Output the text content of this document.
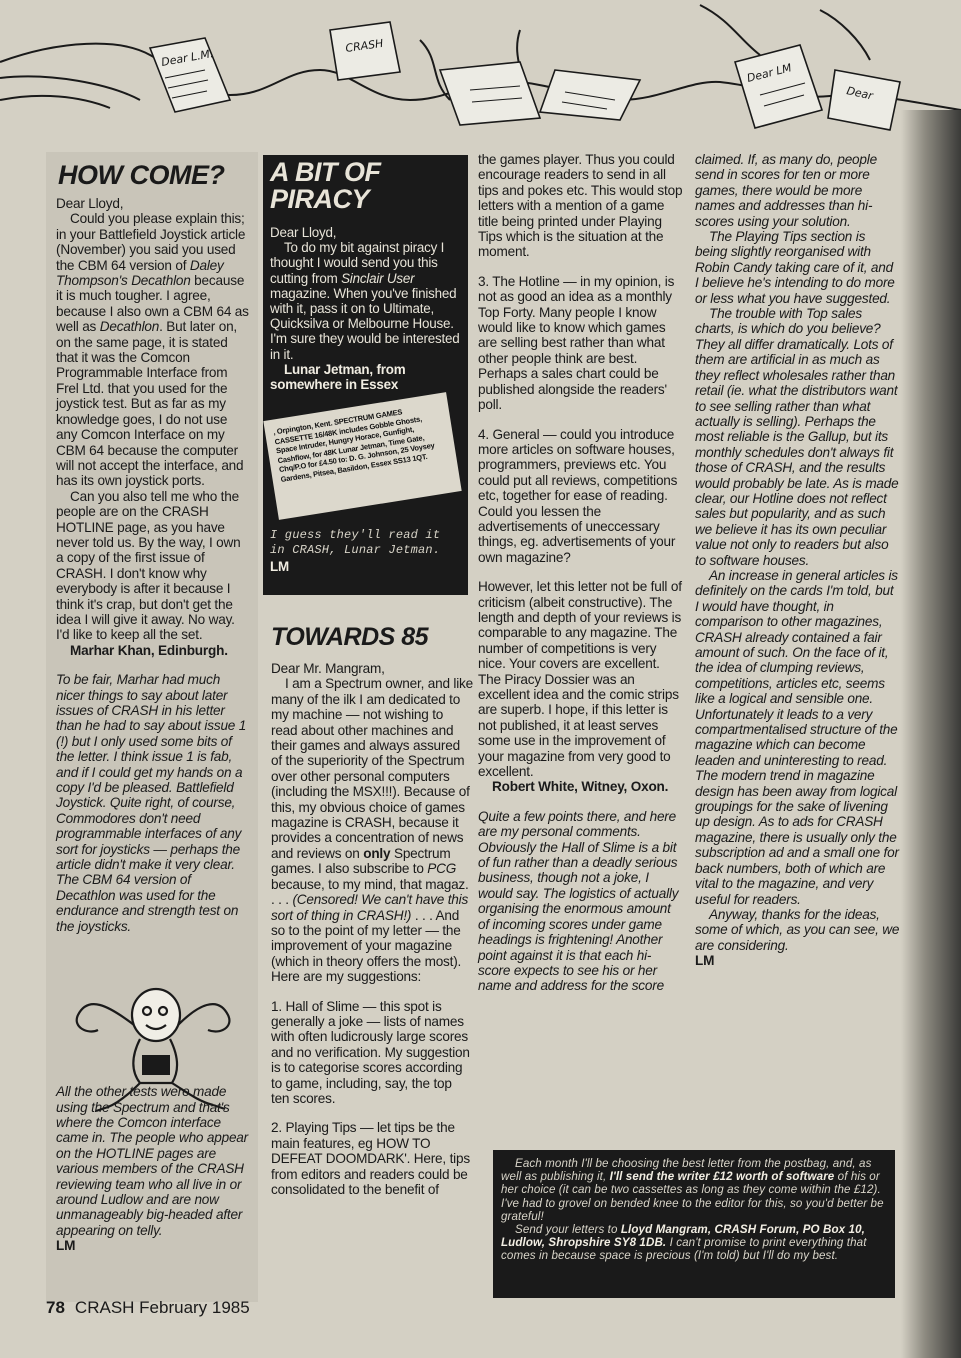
Dear L.M.
CRASH
Dear LM
Dear
HOW COME?

Dear Lloyd,

Could you please explain this; in your Battlefield Joystick article (November) you said you used the CBM 64 version of Daley Thompson's Decathlon because it is much tougher. I agree, because I also own a CBM 64 as well as Decathlon. But later on, on the same page, it is stated that it was the Comcon Programmable Interface from Frel Ltd. that you used for the joystick test. But as far as my knowledge goes, I do not use any Comcon Interface on my CBM 64 because the computer will not accept the interface, and has its own joystick ports.

Can you also tell me who the people are on the CRASH HOTLINE page, as you have never told us. By the way, I own a copy of the first issue of CRASH. I don't know why everybody is after it because I think it's crap, but don't get the idea I will give it away. No way. I'd like to keep all the set.

Marhar Khan, Edinburgh.

To be fair, Marhar had much nicer things to say about later issues of CRASH in his letter than he had to say about issue 1 (!) but I only used some bits of the letter. I think issue 1 is fab, and if I could get my hands on a copy I'd be pleased. Battlefield Joystick. Quite right, of course, Commodores don't need programmable interfaces of any sort for joysticks — perhaps the article didn't make it very clear. The CBM 64 version of Decathlon was used for the endurance and strength test on the joysticks.

All the other tests were made using the Spectrum and that's where the Comcon interface came in. The people who appear on the HOTLINE pages are various members of the CRASH reviewing team who all live in or around Ludlow and are now unmanageably big-headed after appearing on telly.

LM

A BIT OF PIRACY

Dear Lloyd,

To do my bit against piracy I thought I would send you this cutting from Sinclair User magazine. When you've finished with it, pass it on to Ultimate, Quicksilva or Melbourne House. I'm sure they would be interested in it.

Lunar Jetman, from somewhere in Essex

, Orpington, Kent. SPECTRUM GAMES CASSETTE 16/48K includes Gobble Ghosts, Space Intruder, Hungry Horace, Gunfight, Cashflow, for 48K Lunar Jetman, Time Gate, Chq/P.O for £4.50 to: D. G. Johnson, 25 Voysey Gardens, Pitsea, Basildon, Essex SS13 1QT.

I guess they'll read it in CRASH, Lunar Jetman.

LM

TOWARDS 85

Dear Mr. Mangram,

I am a Spectrum owner, and like many of the ilk I am dedicated to my machine — not wishing to read about other machines and their games and always assured of the superiority of the Spectrum over other personal computers (including the MSX!!!). Because of this, my obvious choice of games magazine is CRASH, because it provides a concentration of news and reviews on only Spectrum games. I also subscribe to PCG because, to my mind, that magaz. . . . (Censored! We can't have this sort of thing in CRASH!) . . . And so to the point of my letter — the improvement of your magazine (which in theory offers the most). Here are my suggestions:

1. Hall of Slime — this spot is generally a joke — lists of names with often ludicrously large scores and no verification. My suggestion is to categorise scores according to game, including, say, the top ten scores.

2. Playing Tips — let tips be the main features, eg HOW TO DEFEAT DOOMDARK'. Here, tips from editors and readers could be consolidated to the benefit of

the games player. Thus you could encourage readers to send in all tips and pokes etc. This would stop letters with a mention of a game title being printed under Playing Tips which is the situation at the moment.

3. The Hotline — in my opinion, is not as good an idea as a monthly Top Forty. Many people I know would like to know which games are selling best rather than what other people think are best. Perhaps a sales chart could be published alongside the readers' poll.

4. General — could you introduce more articles on software houses, programmers, previews etc. You could put all reviews, competitions etc, together for ease of reading. Could you lessen the advertisements of uneccessary things, eg. advertisements of your own magazine?

However, let this letter not be full of criticism (albeit constructive). The length and depth of your reviews is comparable to any magazine. The number of competitions is very nice. Your covers are excellent. The Piracy Dossier was an excellent idea and the comic strips are superb. I hope, if this letter is not published, it at least serves some use in the improvement of your magazine from very good to excellent.

Robert White, Witney, Oxon.

Quite a few points there, and here are my personal comments. Obviously the Hall of Slime is a bit of fun rather than a deadly serious business, though not a joke, I would say. The logistics of actually organising the enormous amount of incoming scores under game headings is frightening! Another point against it is that each hi-score expects to see his or her name and address for the score

claimed. If, as many do, people send in scores for ten or more games, there would be more names and addresses than hi-scores using your solution.

The Playing Tips section is being slightly reorganised with Robin Candy taking care of it, and I believe he's intending to do more or less what you have suggested.

The trouble with Top sales charts, is which do you believe? They all differ dramatically. Lots of them are artificial in as much as they reflect wholesales rather than retail (ie. what the distributors want to see selling rather than what actually is selling). Perhaps the most reliable is the Gallup, but its monthly schedules don't always fit those of CRASH, and the results would probably be late. As is made clear, our Hotline does not reflect sales but popularity, and as such we believe it has its own peculiar value not only to readers but also to software houses.

An increase in general articles is definitely on the cards I'm told, but I would have thought, in comparison to other magazines, CRASH already contained a fair amount of such. On the face of it, the idea of clumping reviews, competitions, articles etc, seems like a logical and sensible one. Unfortunately it leads to a very compartmentalised structure of the magazine which can become leaden and uninteresting to read. The modern trend in magazine design has been away from logical groupings for the sake of livening up design. As to ads for CRASH magazine, there is usually only the subscription ad and a small one for back numbers, both of which are vital to the magazine, and very useful for readers.

Anyway, thanks for the ideas, some of which, as you can see, we are considering.

LM

Each month I'll be choosing the best letter from the postbag, and, as well as publishing it, I'll send the writer £12 worth of software of his or her choice (it can be two cassettes as long as they come within the £12). I've had to grovel on bended knee to the editor for this, so you'd better be grateful!

Send your letters to Lloyd Mangram, CRASH Forum, PO Box 10, Ludlow, Shropshire SY8 1DB. I can't promise to print everything that comes in because space is precious (I'm told) but I'll do my best.

78 CRASH February 1985
